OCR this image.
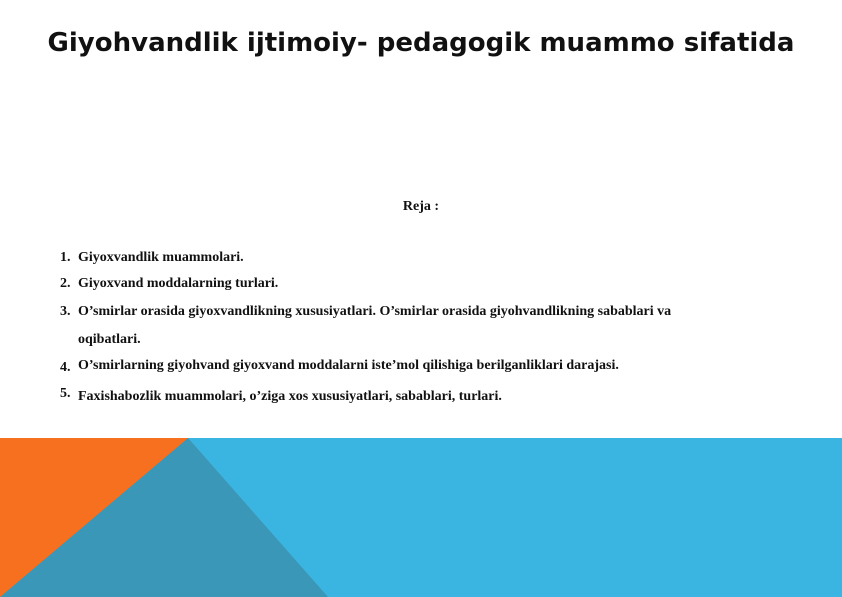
Giyohvandlik ijtimoiy- pedagogik muammo sifatida
Reja :
1. Giyoxvandlik muammolari.
2. Giyoxvand moddalarning turlari.
3. O’smirlar orasida giyoxvandlikning xususiyatlari. O’smirlar orasida giyohvandlikning sabablari va
oqibatlari.
4. O’smirlarning giyohvand giyoxvand moddalarni iste’mol qilishiga berilganliklari darajasi.
5. Faxishabozlik muammolari, o’ziga xos xususiyatlari, sabablari, turlari.
